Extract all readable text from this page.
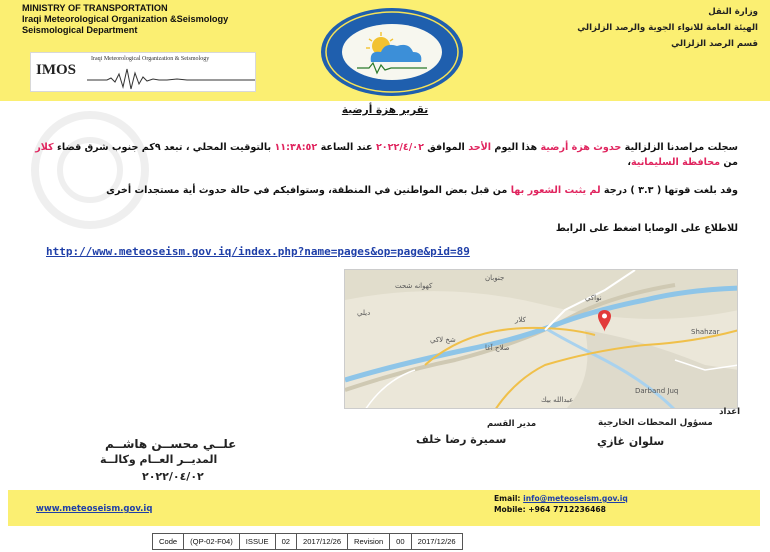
MINISTRY OF TRANSPORTATION
Iraqi Meteorological Organization &Seismology
Seismological Department
وزارة النقل
الهيئة العامة للانواء الجوية والرصد الزلزالي
قسم الرصد الزلزالي
IMOS
Iraqi Meteorological Organization & Seismology
تقرير هزة أرضية
سجلت مراصدنا الزلزالية حدوث هزة أرضية هذا اليوم الأحد الموافق ٢٠٢٢/٤/٠٢ عند الساعة ١١:٣٨:٥٢ بالتوقيت المحلي ، تبعد ٩كم جنوب شرق قضاء كلار من محافظة السليمانية،
وقد بلغت قوتها ( ٣.٣ ) درجة لم يثبت الشعور بها من قبل بعض المواطنين في المنطقة، وستوافيكم في حالة حدوث أية مستجدات أخرى
للاطلاع على الوصايا اضغط على الرابط
http://www.meteoseism.gov.iq/index.php?name=pages&op=page&pid=89
جنوبان
كهوانه شحت
كلار
نواكي
شخ لاكي
صلاح آغا
ديلي
Shahzar
Darband Juq
عبدالله بيك
اعداد
مسؤول المحطات الخارجية
مدير القسم
سلوان غازي
سميرة رضا خلف
علــي محســن هاشــم
المديــر العــام وكالــة
٢٠٢٢/٠٤/٠٢
www.meteoseism.gov.iq
Email: info@meteoseism.gov.iq
Mobile: +964 7712236468
Code	(QP-02-F04)	ISSUE	02	2017/12/26	Revision	00	2017/12/26
